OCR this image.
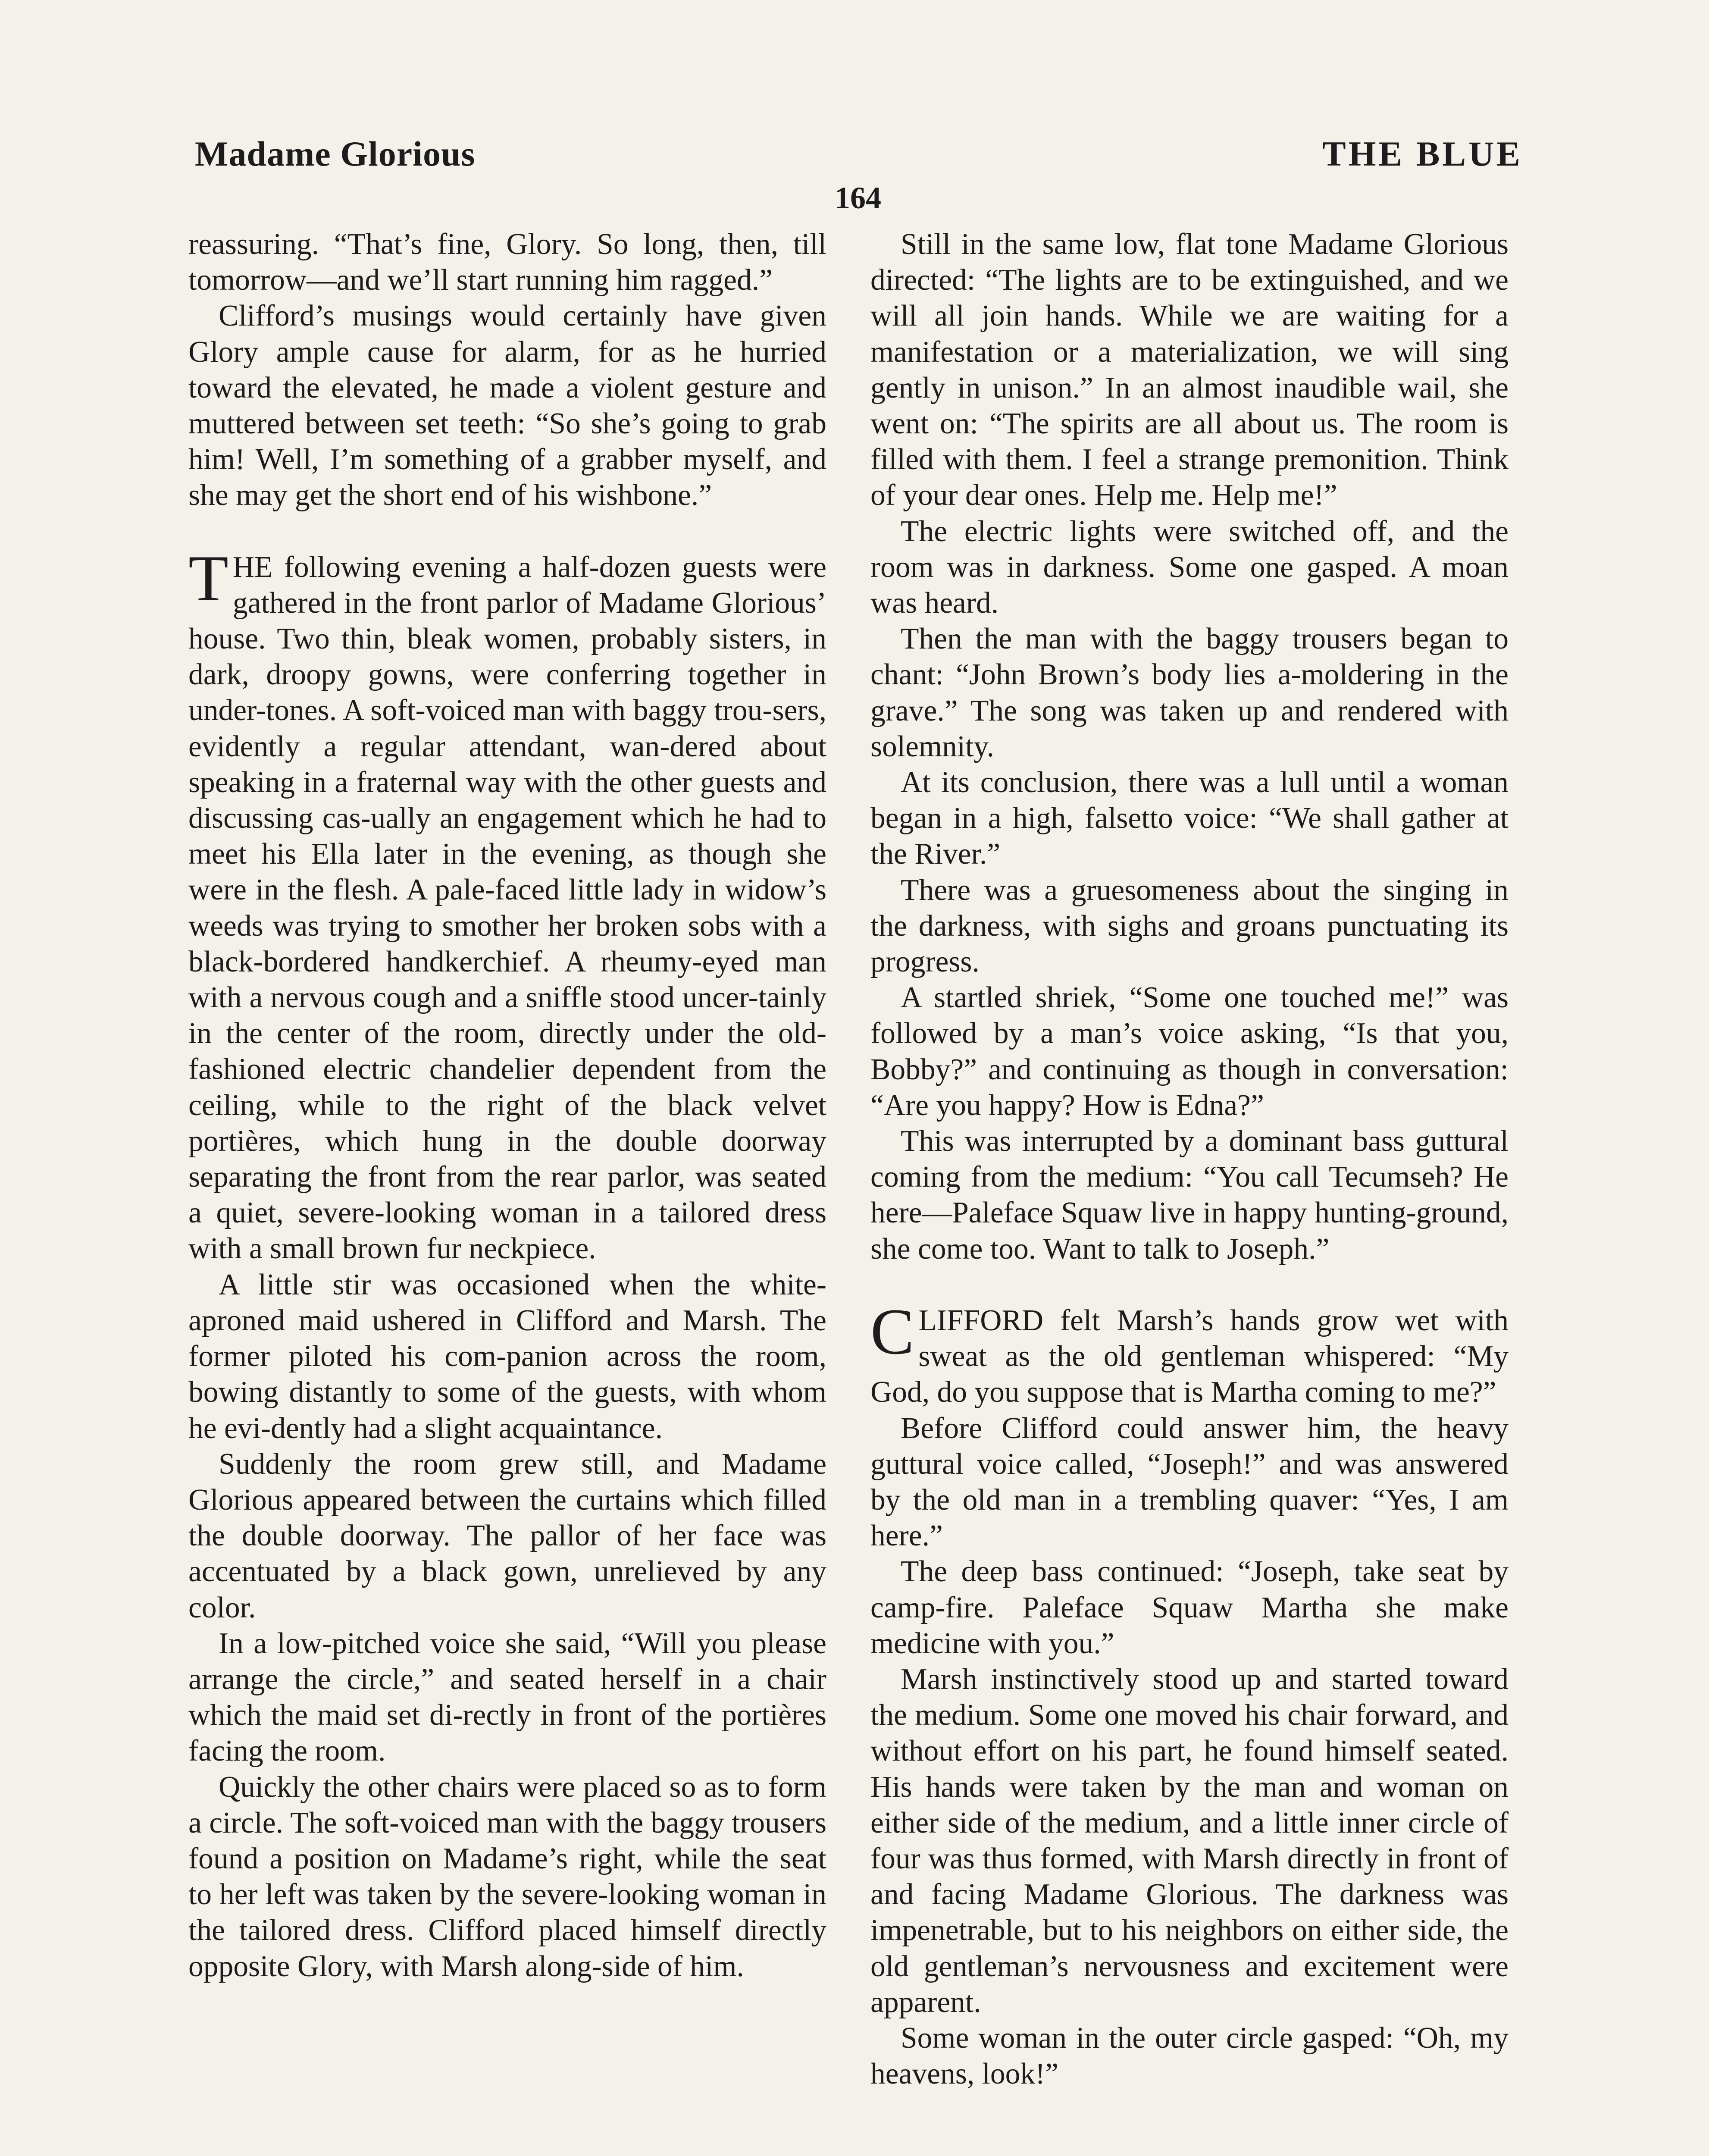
Madame Glorious	THE BLUE
164

reassuring. “That’s fine, Glory. So long, then, till tomorrow—and we’ll start running him ragged.”

Clifford’s musings would certainly have given Glory ample cause for alarm, for as he hurried toward the elevated, he made a violent gesture and muttered between set teeth: “So she’s going to grab him! Well, I’m something of a grabber myself, and she may get the short end of his wishbone.”

THE following evening a half-dozen guests were gathered in the front parlor of Madame Glorious’ house. Two thin, bleak women, probably sisters, in dark, droopy gowns, were conferring together in under-tones. A soft-voiced man with baggy trou-sers, evidently a regular attendant, wan-dered about speaking in a fraternal way with the other guests and discussing cas-ually an engagement which he had to meet his Ella later in the evening, as though she were in the flesh. A pale-faced little lady in widow’s weeds was trying to smother her broken sobs with a black-bordered handkerchief. A rheumy-eyed man with a nervous cough and a sniffle stood uncer-tainly in the center of the room, directly under the old-fashioned electric chandelier dependent from the ceiling, while to the right of the black velvet portières, which hung in the double doorway separating the front from the rear parlor, was seated a quiet, severe-looking woman in a tailored dress with a small brown fur neckpiece.

A little stir was occasioned when the white-aproned maid ushered in Clifford and Marsh. The former piloted his com-panion across the room, bowing distantly to some of the guests, with whom he evi-dently had a slight acquaintance.

Suddenly the room grew still, and Madame Glorious appeared between the curtains which filled the double doorway. The pallor of her face was accentuated by a black gown, unrelieved by any color.

In a low-pitched voice she said, “Will you please arrange the circle,” and seated herself in a chair which the maid set di-rectly in front of the portières facing the room.

Quickly the other chairs were placed so as to form a circle. The soft-voiced man with the baggy trousers found a position on Madame’s right, while the seat to her left was taken by the severe-looking woman in the tailored dress. Clifford placed himself directly opposite Glory, with Marsh along-side of him.

Still in the same low, flat tone Madame Glorious directed: “The lights are to be extinguished, and we will all join hands. While we are waiting for a manifestation or a materialization, we will sing gently in unison.” In an almost inaudible wail, she went on: “The spirits are all about us. The room is filled with them. I feel a strange premonition. Think of your dear ones. Help me. Help me!”

The electric lights were switched off, and the room was in darkness. Some one gasped. A moan was heard.

Then the man with the baggy trousers began to chant: “John Brown’s body lies a-moldering in the grave.” The song was taken up and rendered with solemnity.

At its conclusion, there was a lull until a woman began in a high, falsetto voice: “We shall gather at the River.”

There was a gruesomeness about the singing in the darkness, with sighs and groans punctuating its progress.

A startled shriek, “Some one touched me!” was followed by a man’s voice asking, “Is that you, Bobby?” and continuing as though in conversation: “Are you happy? How is Edna?”

This was interrupted by a dominant bass guttural coming from the medium: “You call Tecumseh? He here—Paleface Squaw live in happy hunting-ground, she come too. Want to talk to Joseph.”

CLIFFORD felt Marsh’s hands grow wet with sweat as the old gentleman whispered: “My God, do you suppose that is Martha coming to me?”

Before Clifford could answer him, the heavy guttural voice called, “Joseph!” and was answered by the old man in a trembling quaver: “Yes, I am here.”

The deep bass continued: “Joseph, take seat by camp-fire. Paleface Squaw Martha she make medicine with you.”

Marsh instinctively stood up and started toward the medium. Some one moved his chair forward, and without effort on his part, he found himself seated. His hands were taken by the man and woman on either side of the medium, and a little inner circle of four was thus formed, with Marsh directly in front of and facing Madame Glorious. The darkness was impenetrable, but to his neighbors on either side, the old gentleman’s nervousness and excitement were apparent.

Some woman in the outer circle gasped: “Oh, my heavens, look!”
